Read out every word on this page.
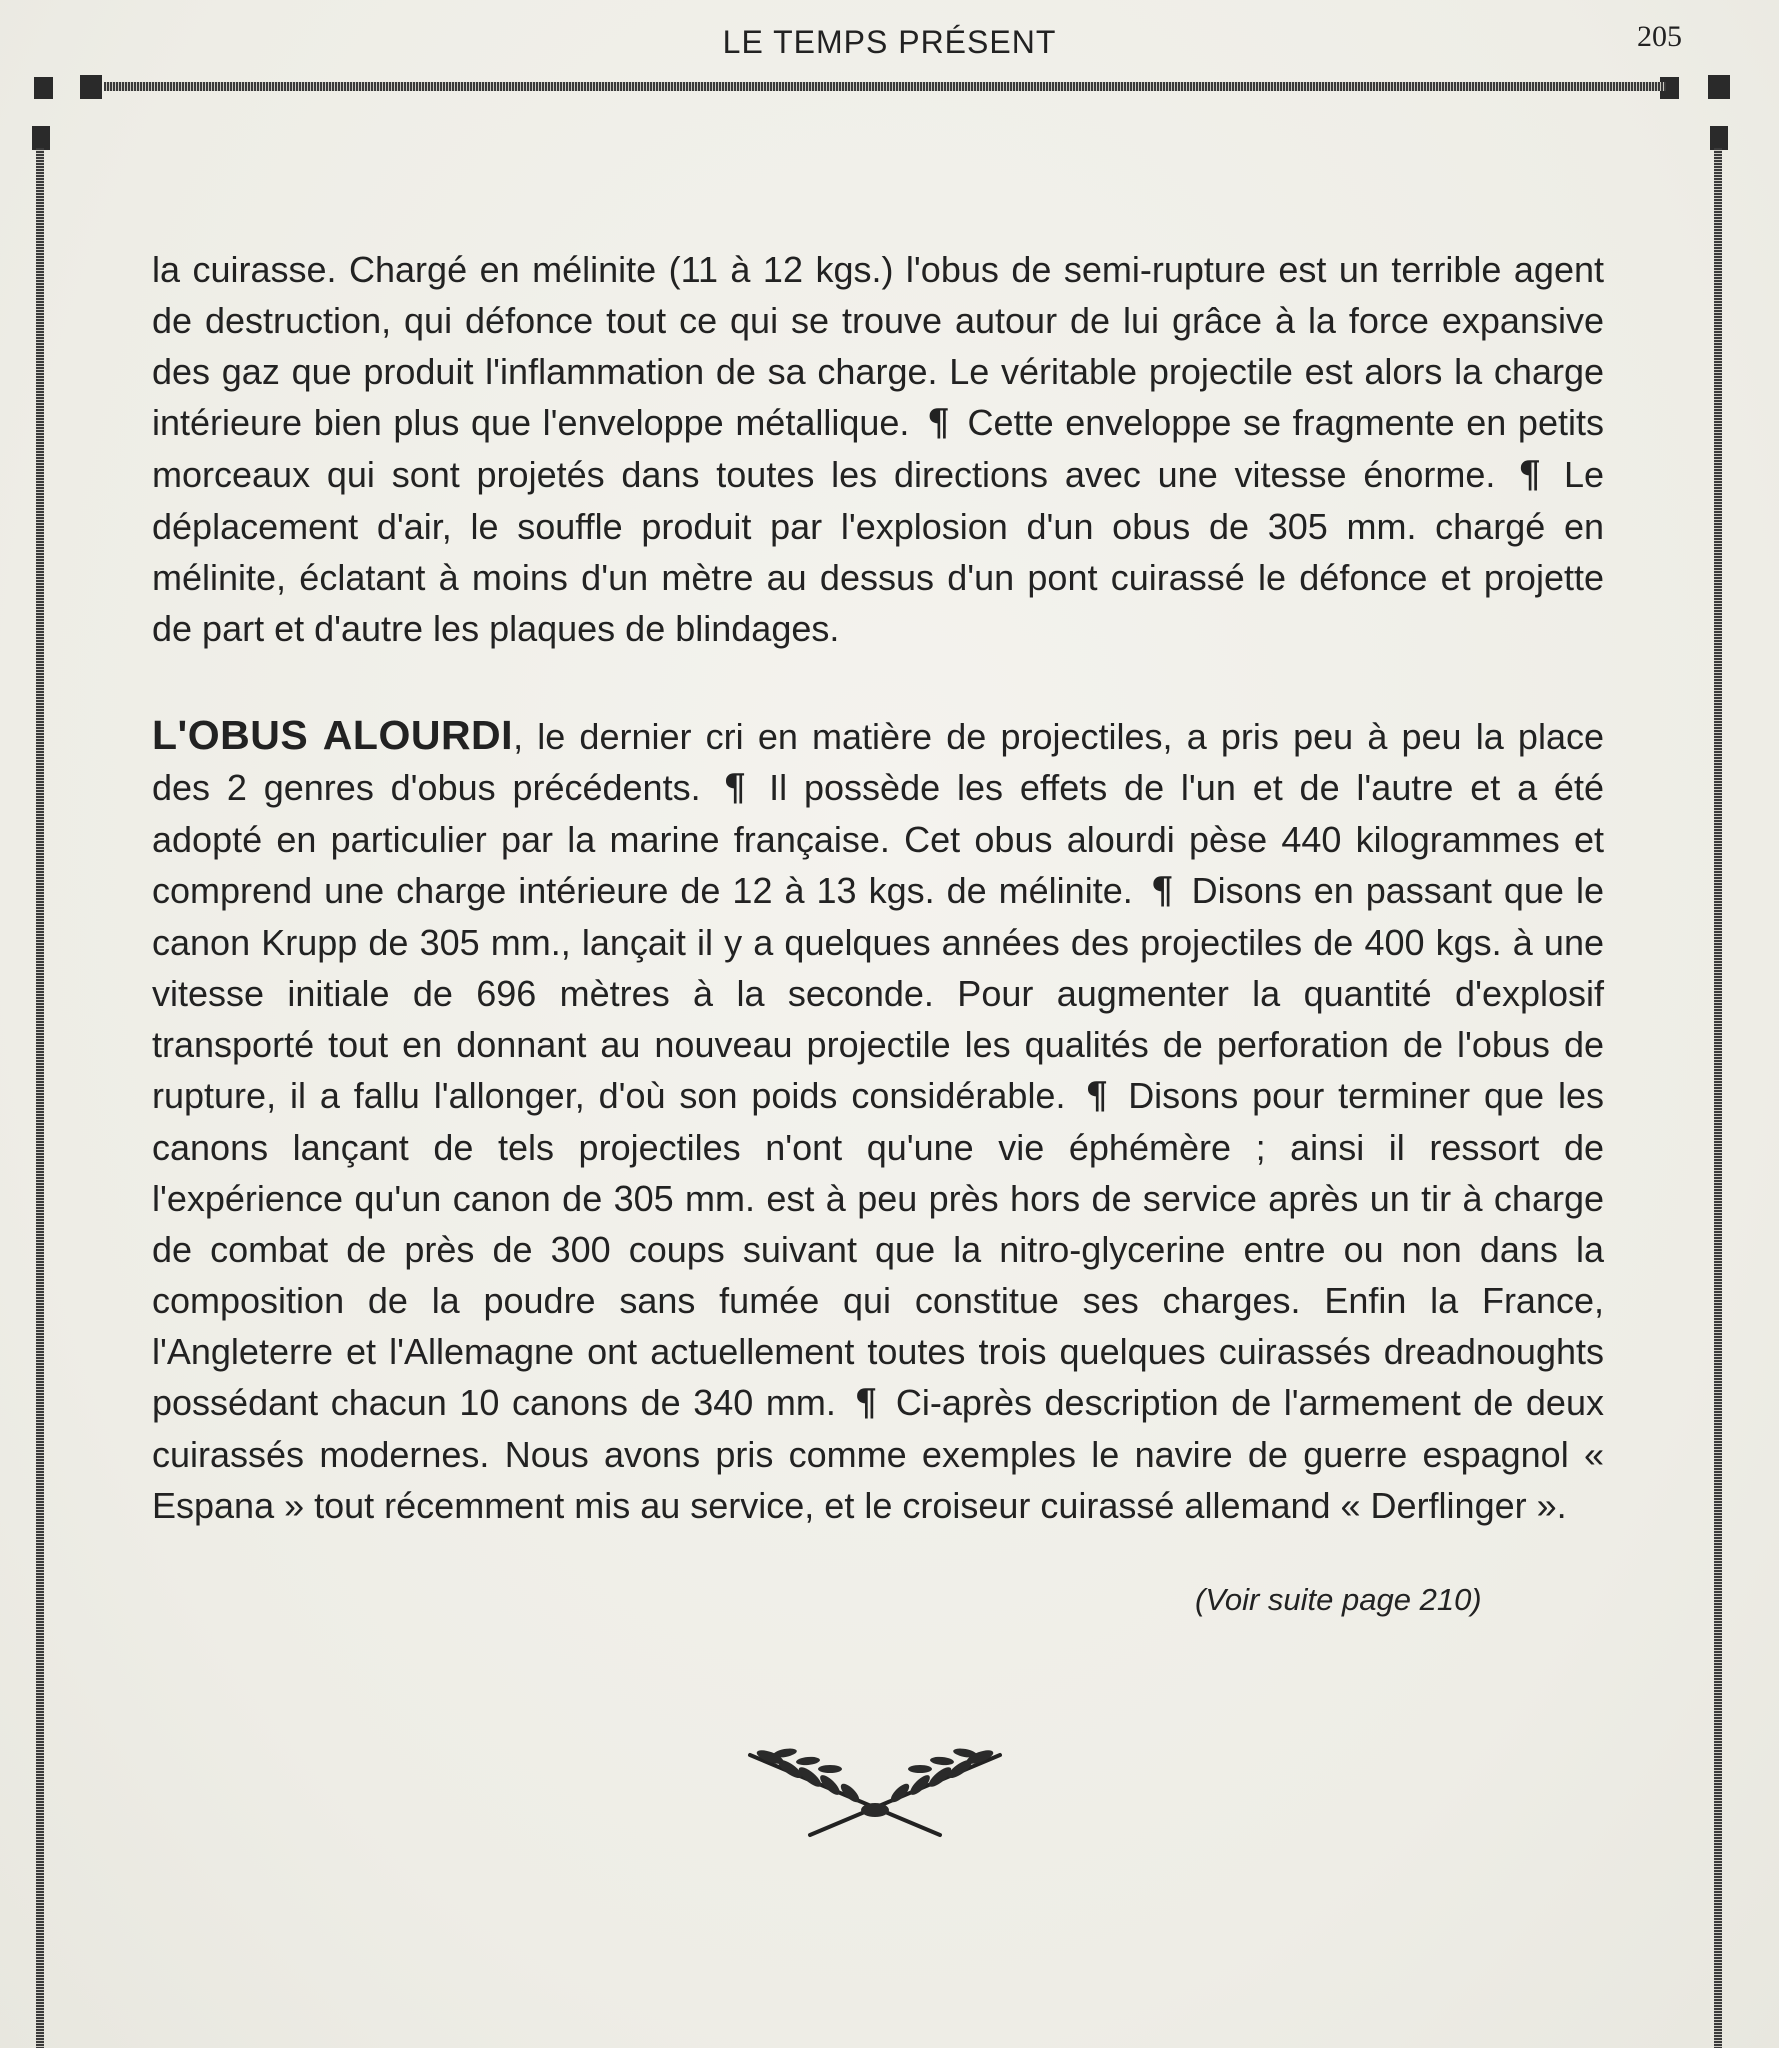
LE TEMPS PRÉSENT	205

la cuirasse. Chargé en mélinite (11 à 12 kgs.) l'obus de semi-rupture est un terrible agent de destruction, qui défonce tout ce qui se trouve autour de lui grâce à la force expansive des gaz que produit l'inflammation de sa charge. Le véritable projectile est alors la charge intérieure bien plus que l'enveloppe métallique. ¶ Cette enveloppe se fragmente en petits morceaux qui sont projetés dans toutes les directions avec une vitesse énorme. ¶ Le déplacement d'air, le souffle produit par l'explosion d'un obus de 305 mm. chargé en mélinite, éclatant à moins d'un mètre au dessus d'un pont cuirassé le défonce et projette de part et d'autre les plaques de blindages.

L'OBUS ALOURDI, le dernier cri en matière de projectiles, a pris peu à peu la place des 2 genres d'obus précédents. ¶ Il possède les effets de l'un et de l'autre et a été adopté en particulier par la marine française. Cet obus alourdi pèse 440 kilogrammes et comprend une charge intérieure de 12 à 13 kgs. de mélinite. ¶ Disons en passant que le canon Krupp de 305 mm., lançait il y a quelques années des projectiles de 400 kgs. à une vitesse initiale de 696 mètres à la seconde. Pour augmenter la quantité d'explosif transporté tout en donnant au nouveau projectile les qualités de perforation de l'obus de rupture, il a fallu l'allonger, d'où son poids considérable. ¶ Disons pour terminer que les canons lançant de tels projectiles n'ont qu'une vie éphémère ; ainsi il ressort de l'expérience qu'un canon de 305 mm. est à peu près hors de service après un tir à charge de combat de près de 300 coups suivant que la nitro-glycerine entre ou non dans la composition de la poudre sans fumée qui constitue ses charges. Enfin la France, l'Angleterre et l'Allemagne ont actuellement toutes trois quelques cuirassés dreadnoughts possédant chacun 10 canons de 340 mm. ¶ Ci-après description de l'armement de deux cuirassés modernes. Nous avons pris comme exemples le navire de guerre espagnol « Espana » tout récemment mis au service, et le croiseur cuirassé allemand « Derflinger ».

(Voir suite page 210)
